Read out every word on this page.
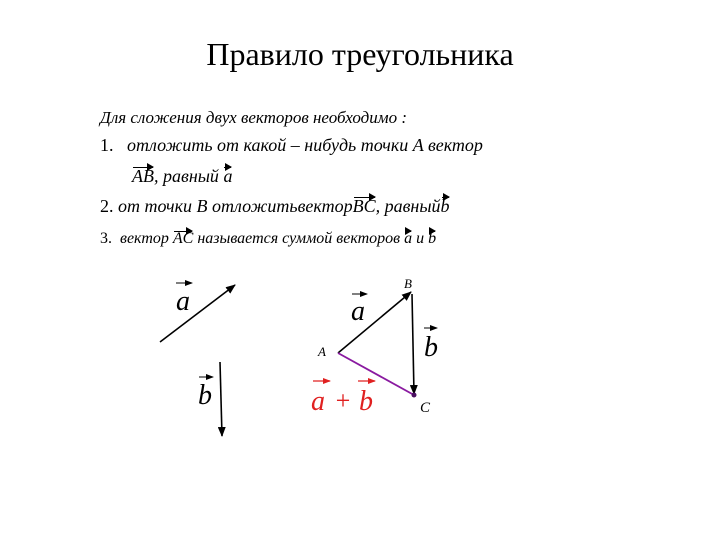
Правило треугольника
Для сложения двух векторов необходимо :
1. отложить от какой – нибудь точки A вектор
AB, равный a
2. от точки B отложитьвекторBC, равныйb
3. вектор AC называется суммой векторов a и b
a
b
A
B
C
a
b
a + b
